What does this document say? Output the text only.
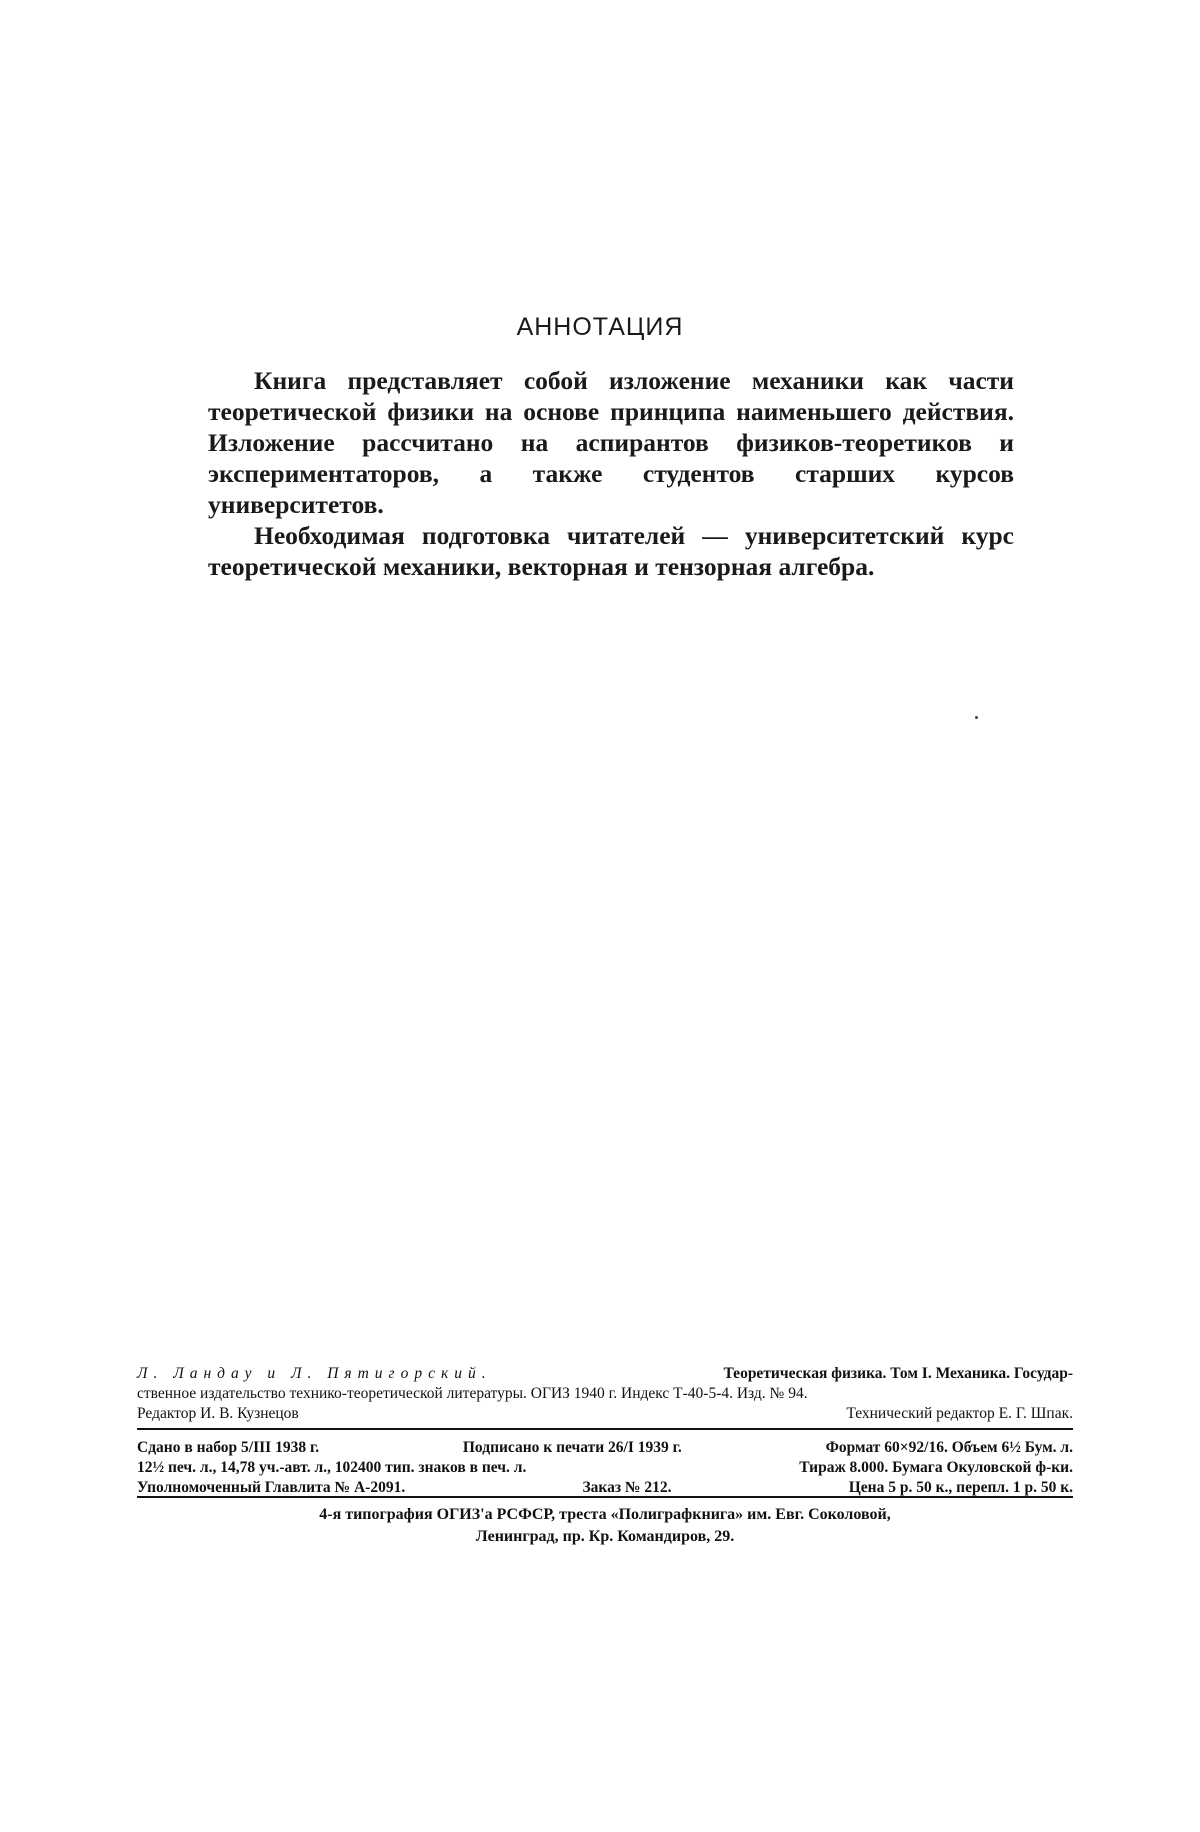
АННОТАЦИЯ

Книга представляет собой изложение механики как части теоретической физики на основе принципа наименьшего действия. Изложение рассчитано на аспирантов физиков-теоретиков и экспериментаторов, а также студентов старших курсов университетов.

Необходимая подготовка читателей — университетский курс теоретической механики, векторная и тензорная алгебра.

Л. Ландау и Л. Пятигорский.	Теоретическая физика. Том I. Механика. Государ-
ственное издательство технико-теоретической литературы. ОГИЗ 1940 г. Индекс Т-40-5-4. Изд. № 94.
Редактор И. В. Кузнецов	Технический редактор Е. Г. Шпак.
Сдано в набор 5/III 1938 г.	Подписано к печати 26/I 1939 г.	Формат 60×92/16. Объем 6½ Бум. л.
12½ печ. л., 14,78 уч.-авт. л., 102400 тип. знаков в печ. л.	Тираж 8.000. Бумага Окуловской ф-ки.
Уполномоченный Главлита № А-2091.	Заказ № 212.	Цена 5 р. 50 к., перепл. 1 р. 50 к.
4-я типография ОГИЗ'а РСФСР, треста «Полиграфкнига» им. Евг. Соколовой,
Ленинград, пр. Кр. Командиров, 29.
